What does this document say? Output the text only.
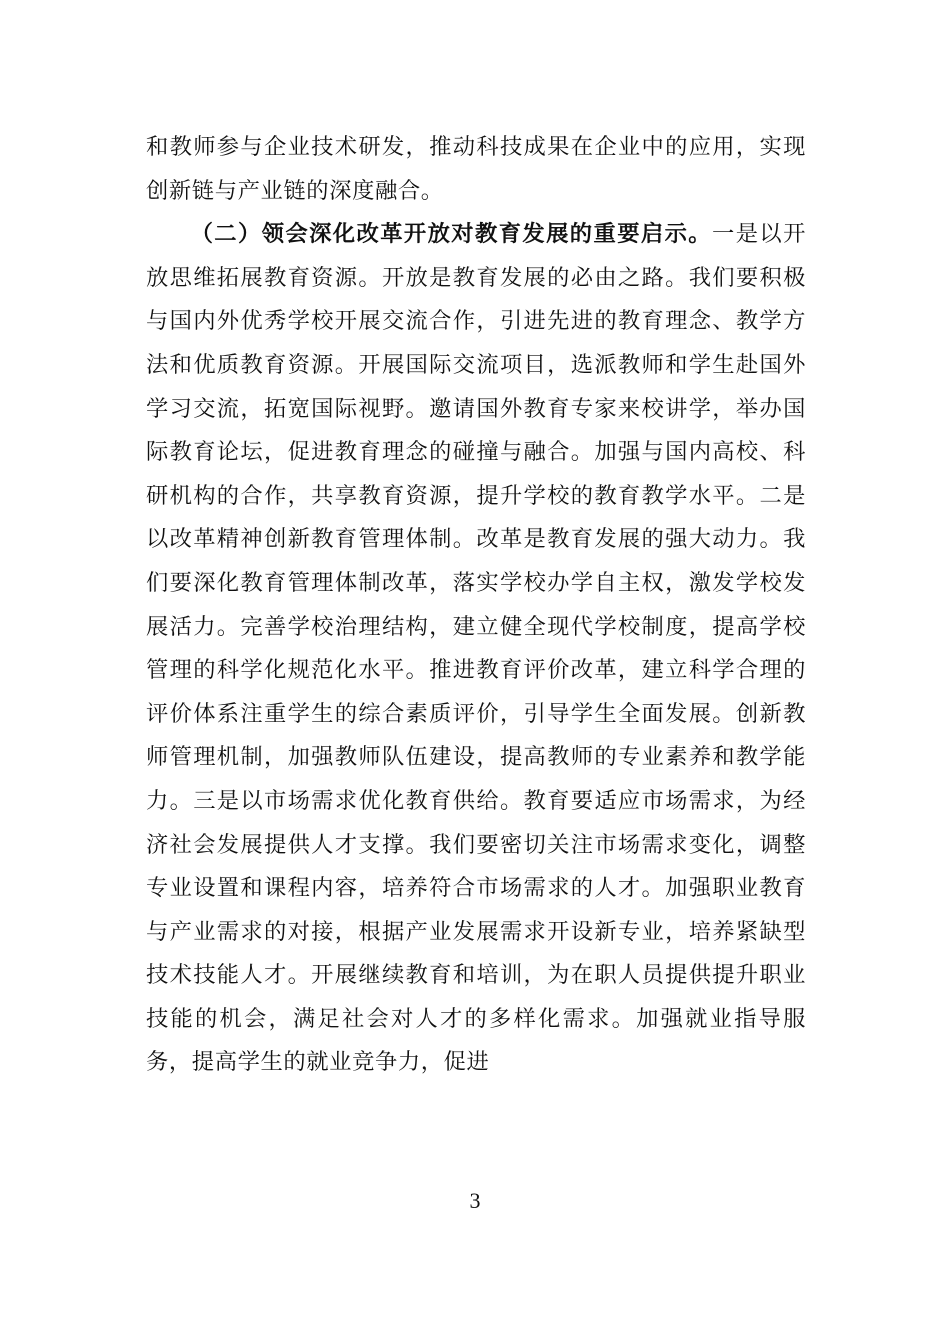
和教师参与企业技术研发，推动科技成果在企业中的应用，实现创新链与产业链的深度融合。

（二）领会深化改革开放对教育发展的重要启示。一是以开放思维拓展教育资源。开放是教育发展的必由之路。我们要积极与国内外优秀学校开展交流合作，引进先进的教育理念、教学方法和优质教育资源。开展国际交流项目，选派教师和学生赴国外学习交流，拓宽国际视野。邀请国外教育专家来校讲学，举办国际教育论坛，促进教育理念的碰撞与融合。加强与国内高校、科研机构的合作，共享教育资源，提升学校的教育教学水平。二是以改革精神创新教育管理体制。改革是教育发展的强大动力。我们要深化教育管理体制改革，落实学校办学自主权，激发学校发展活力。完善学校治理结构，建立健全现代学校制度，提高学校管理的科学化规范化水平。推进教育评价改革，建立科学合理的评价体系注重学生的综合素质评价，引导学生全面发展。创新教师管理机制，加强教师队伍建设，提高教师的专业素养和教学能力。三是以市场需求优化教育供给。教育要适应市场需求，为经济社会发展提供人才支撑。我们要密切关注市场需求变化，调整专业设置和课程内容，培养符合市场需求的人才。加强职业教育与产业需求的对接，根据产业发展需求开设新专业，培养紧缺型技术技能人才。开展继续教育和培训，为在职人员提供提升职业技能的机会，满足社会对人才的多样化需求。加强就业指导服务，提高学生的就业竞争力，促进

3
